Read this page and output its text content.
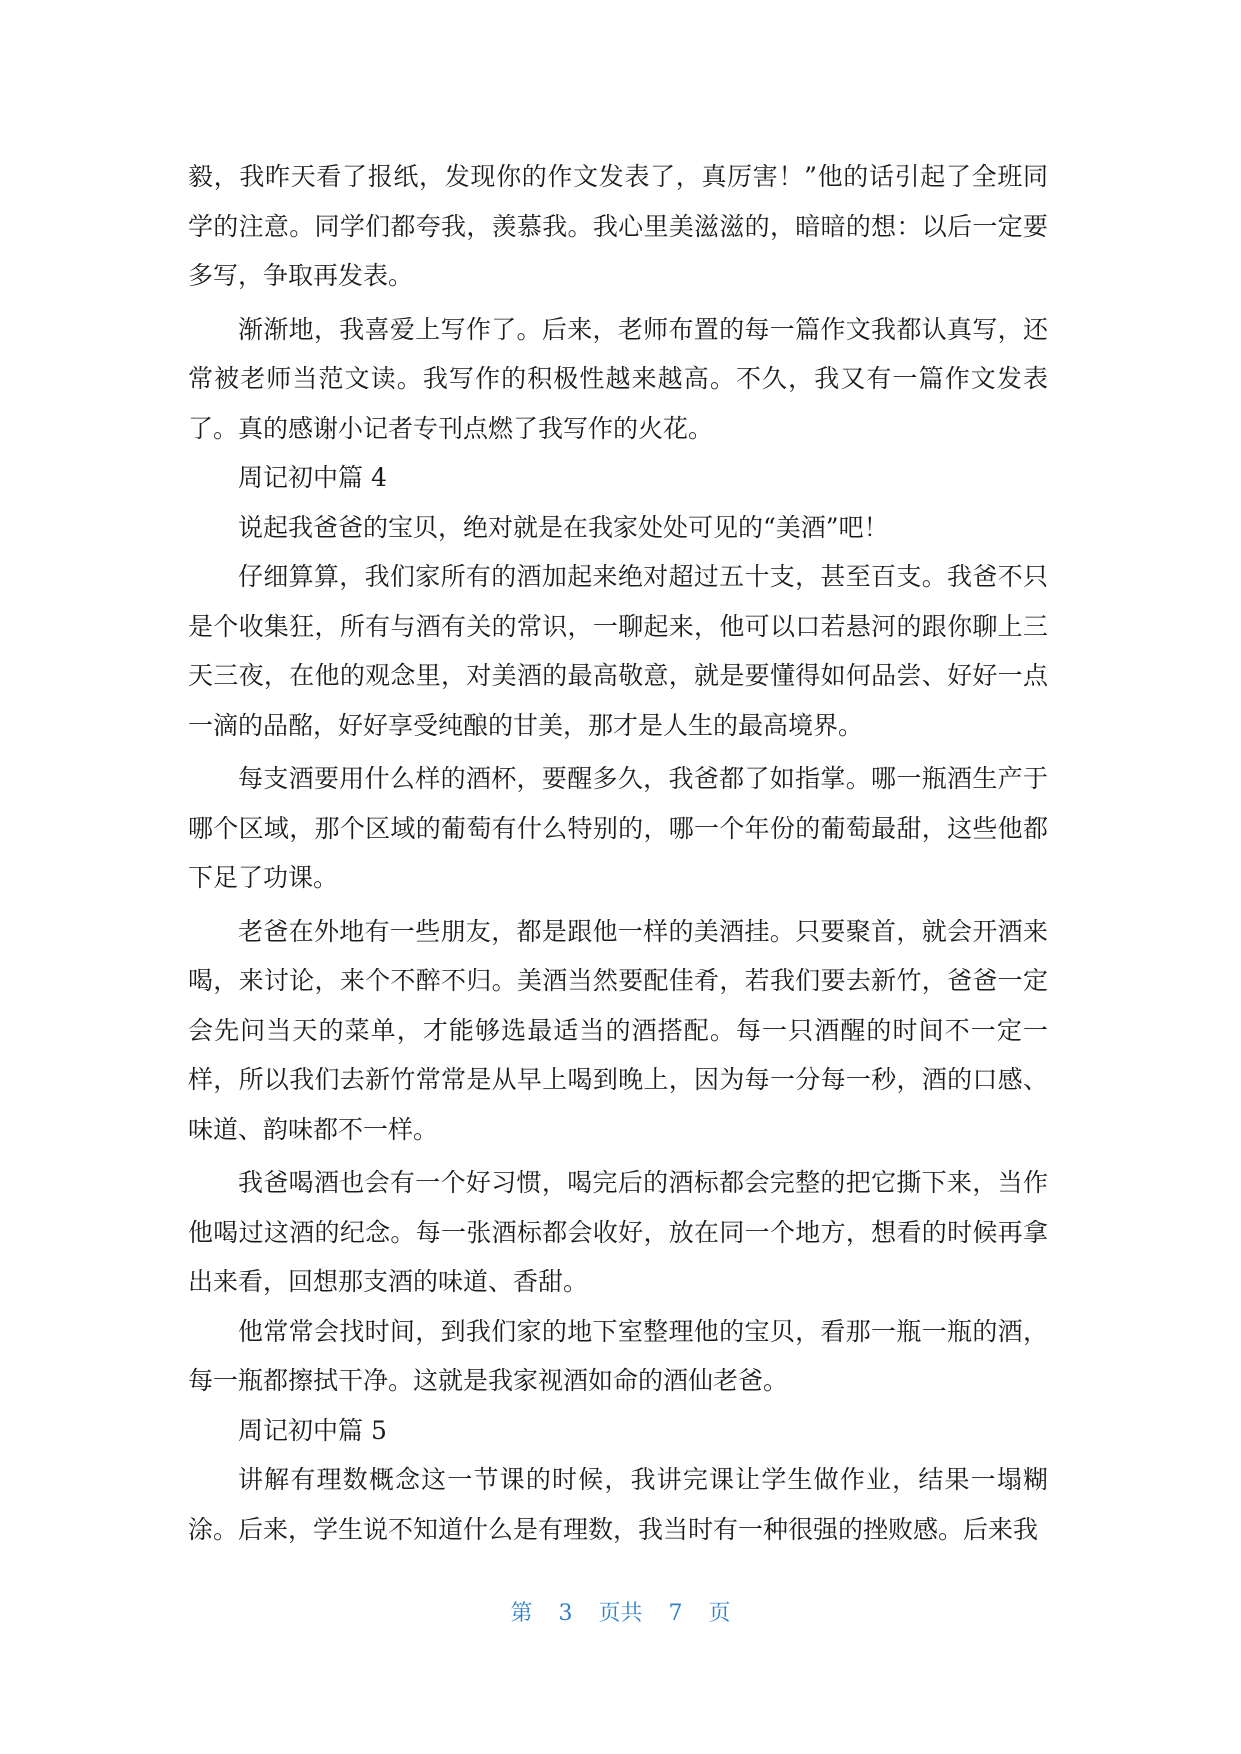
毅，我昨天看了报纸，发现你的作文发表了，真厉害！”他的话引起了全班同学的注意。同学们都夸我，羡慕我。我心里美滋滋的，暗暗的想：以后一定要多写，争取再发表。

渐渐地，我喜爱上写作了。后来，老师布置的每一篇作文我都认真写，还常被老师当范文读。我写作的积极性越来越高。不久，我又有一篇作文发表了。真的感谢小记者专刊点燃了我写作的火花。

周记初中篇 4

说起我爸爸的宝贝，绝对就是在我家处处可见的“美酒”吧！

仔细算算，我们家所有的酒加起来绝对超过五十支，甚至百支。我爸不只是个收集狂，所有与酒有关的常识，一聊起来，他可以口若悬河的跟你聊上三天三夜，在他的观念里，对美酒的最高敬意，就是要懂得如何品尝、好好一点一滴的品酩，好好享受纯酿的甘美，那才是人生的最高境界。

每支酒要用什么样的酒杯，要醒多久，我爸都了如指掌。哪一瓶酒生产于哪个区域，那个区域的葡萄有什么特别的，哪一个年份的葡萄最甜，这些他都下足了功课。

老爸在外地有一些朋友，都是跟他一样的美酒挂。只要聚首，就会开酒来喝，来讨论，来个不醉不归。美酒当然要配佳肴，若我们要去新竹，爸爸一定会先问当天的菜单，才能够选最适当的酒搭配。每一只酒醒的时间不一定一样，所以我们去新竹常常是从早上喝到晚上，因为每一分每一秒，酒的口感、味道、韵味都不一样。

我爸喝酒也会有一个好习惯，喝完后的酒标都会完整的把它撕下来，当作他喝过这酒的纪念。每一张酒标都会收好，放在同一个地方，想看的时候再拿出来看，回想那支酒的味道、香甜。

他常常会找时间，到我们家的地下室整理他的宝贝，看那一瓶一瓶的酒，每一瓶都擦拭干净。这就是我家视酒如命的酒仙老爸。

周记初中篇 5

讲解有理数概念这一节课的时候，我讲完课让学生做作业，结果一塌糊涂。后来，学生说不知道什么是有理数，我当时有一种很强的挫败感。后来我

第 3 页共 7 页
